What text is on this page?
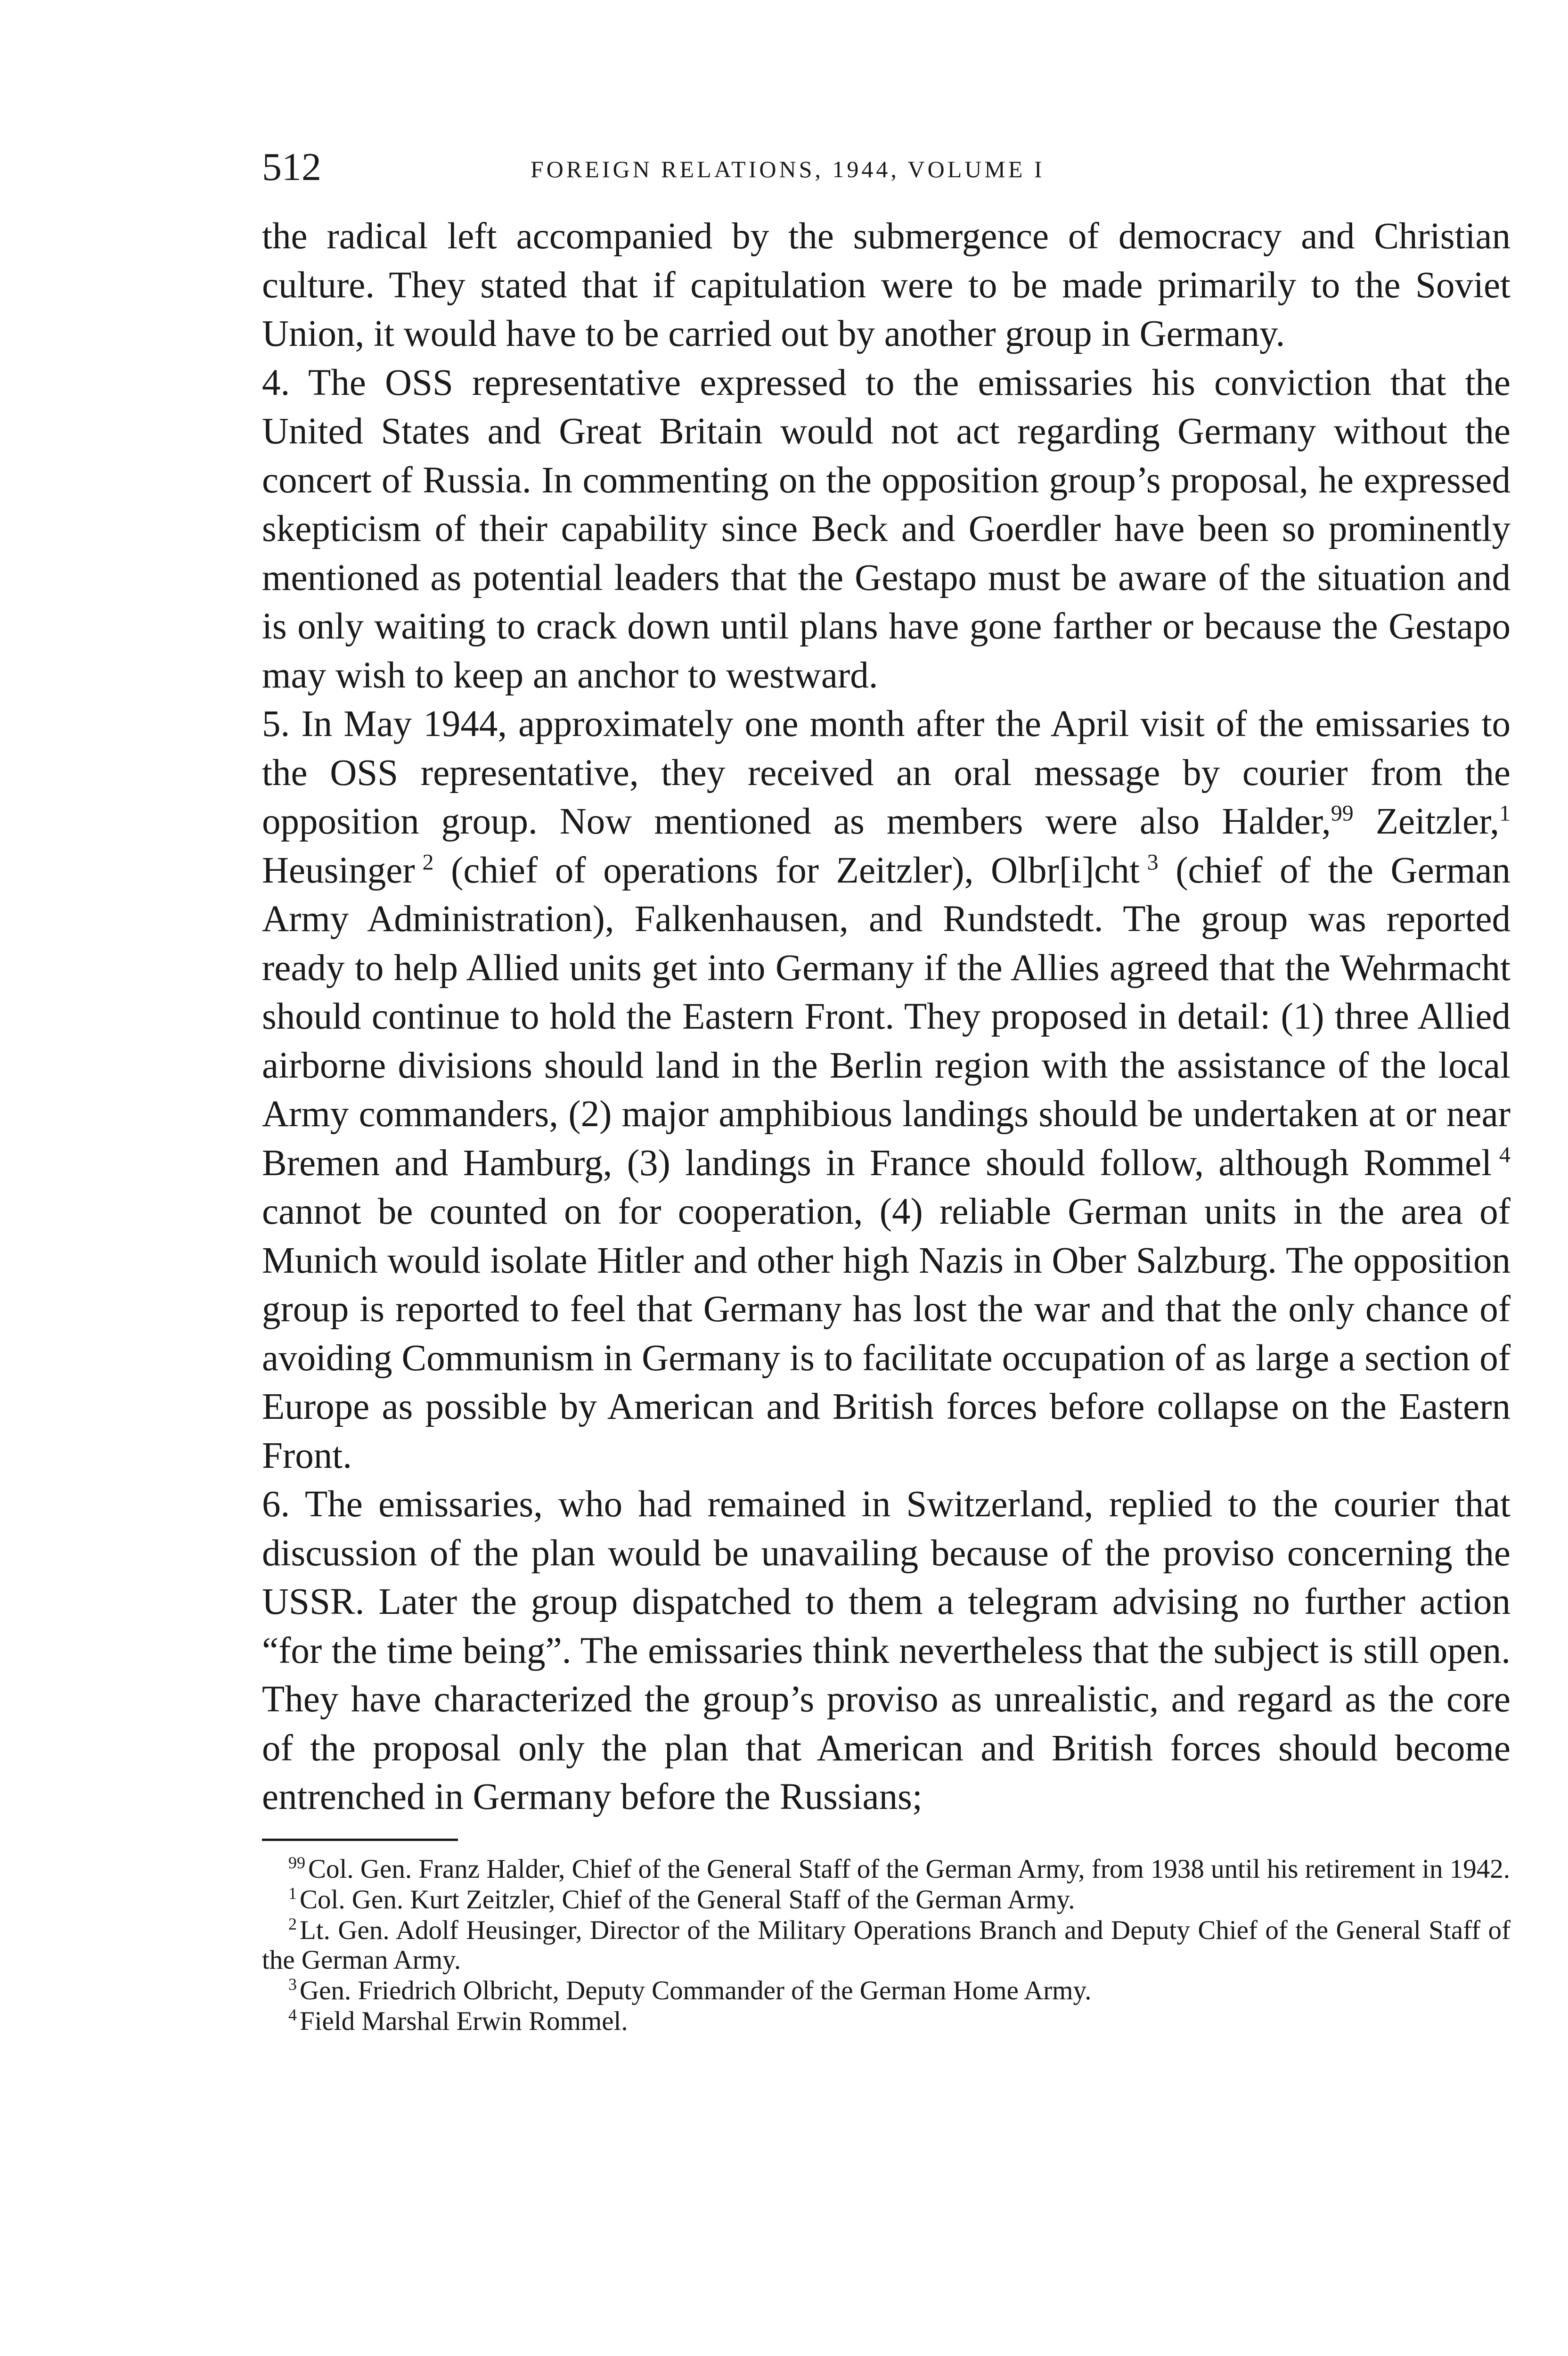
512	FOREIGN RELATIONS, 1944, VOLUME I

the radical left accompanied by the submergence of democracy and Christian culture. They stated that if capitulation were to be made primarily to the Soviet Union, it would have to be carried out by another group in Germany.

4. The OSS representative expressed to the emissaries his conviction that the United States and Great Britain would not act regarding Germany without the concert of Russia. In commenting on the opposition group’s proposal, he expressed skepticism of their capability since Beck and Goerdler have been so prominently mentioned as potential leaders that the Gestapo must be aware of the situation and is only waiting to crack down until plans have gone farther or because the Gestapo may wish to keep an anchor to westward.

5. In May 1944, approximately one month after the April visit of the emissaries to the OSS representative, they received an oral message by courier from the opposition group. Now mentioned as members were also Halder,$^{99}$ Zeitzler,$^1$ Heusinger  $^2$ (chief of operations for Zeitzler), Olbr[i]cht  $^3$ (chief of the German Army Administration), Falkenhausen, and Rundstedt. The group was reported ready to help Allied units get into Germany if the Allies agreed that the Wehrmacht should continue to hold the Eastern Front. They proposed in detail: (1) three Allied airborne divisions should land in the Berlin region with the assistance of the local Army commanders, (2) major amphibious landings should be undertaken at or near Bremen and Hamburg, (3) landings in France should follow, although Rommel  $^4$ cannot be counted on for cooperation, (4) reliable German units in the area of Munich would isolate Hitler and other high Nazis in Ober Salzburg. The opposition group is reported to feel that Germany has lost the war and that the only chance of avoiding Communism in Germany is to facilitate occupation of as large a section of Europe as possible by American and British forces before collapse on the Eastern Front.

6. The emissaries, who had remained in Switzerland, replied to the courier that discussion of the plan would be unavailing because of the proviso concerning the USSR. Later the group dispatched to them a telegram advising no further action “for the time being”. The emissaries think nevertheless that the subject is still open. They have characterized the group’s proviso as unrealistic, and regard as the core of the proposal only the plan that American and British forces should become entrenched in Germany before the Russians;

$^{99}$ Col. Gen. Franz Halder, Chief of the General Staff of the German Army, from 1938 until his retirement in 1942.

$^1$ Col. Gen. Kurt Zeitzler, Chief of the General Staff of the German Army.

$^2$ Lt. Gen. Adolf Heusinger, Director of the Military Operations Branch and Deputy Chief of the General Staff of the German Army.

$^3$ Gen. Friedrich Olbricht, Deputy Commander of the German Home Army.

$^4$ Field Marshal Erwin Rommel.
